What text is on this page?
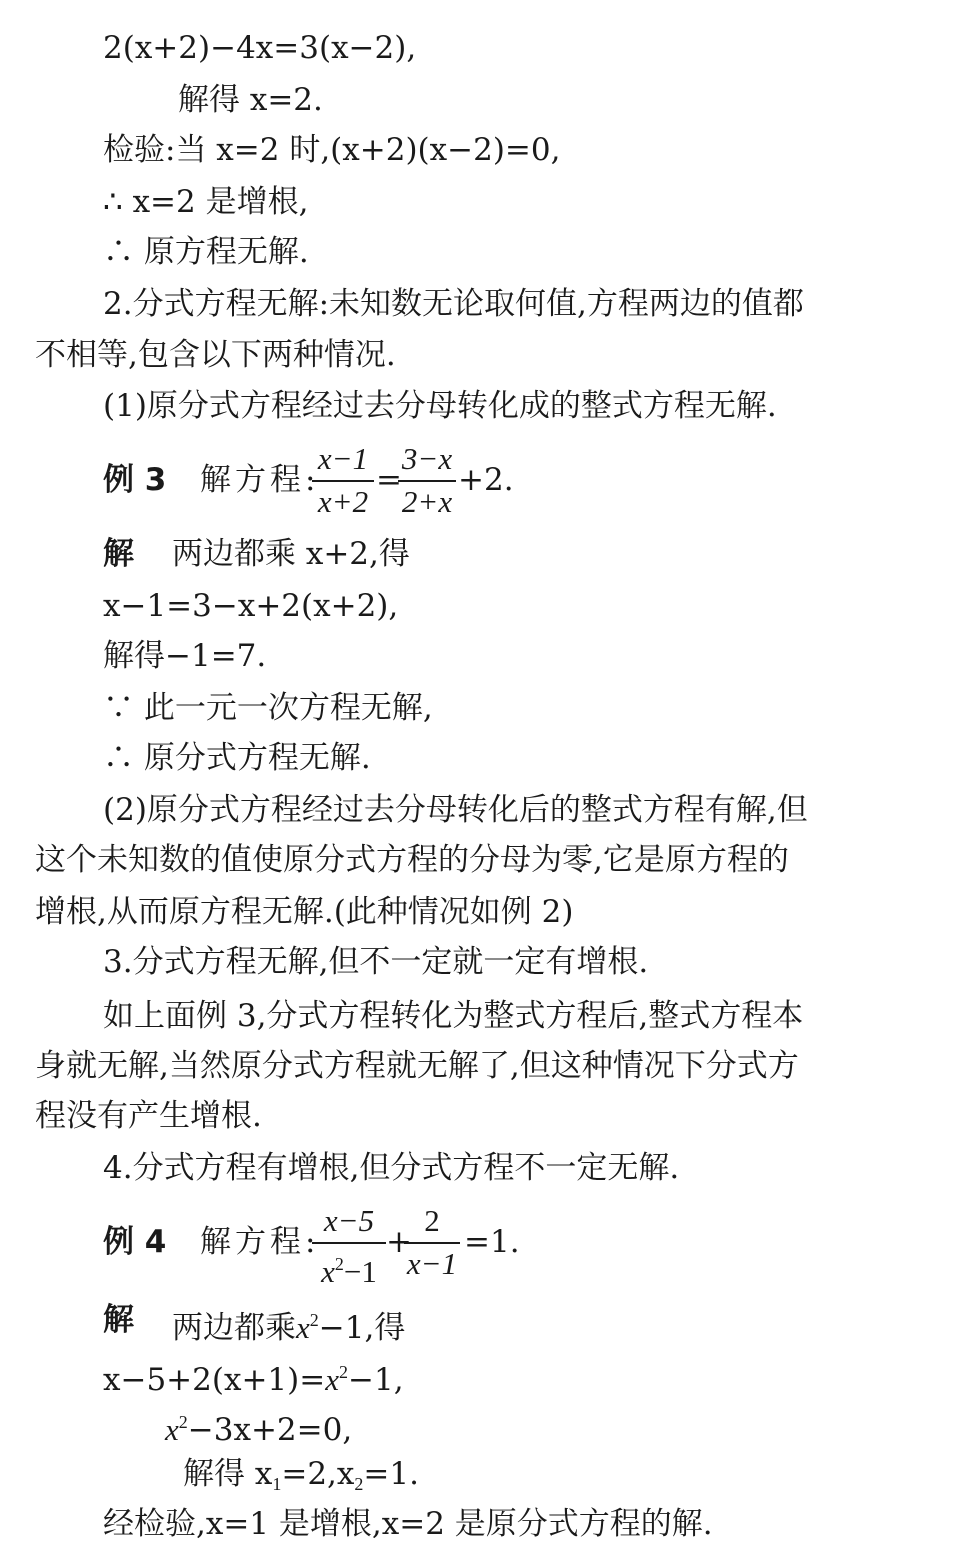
2(x+2)−4x=3(x−2),
解得 x=2.
检验:当 x=2 时,(x+2)(x−2)=0,
∴ x=2 是增根,
∴ 原方程无解.
2.分式方程无解:未知数无论取何值,方程两边的值都
不相等,包含以下两种情况.
(1)原分式方程经过去分母转化成的整式方程无解.
例 3 解方程:
$\frac{x-1}{x+2}$ =
$\frac{3-x}{2+x} +2$.
解 两边都乘 x+2,得
x−1=3−x+2(x+2),
解得−1=7.
∵ 此一元一次方程无解,
∴ 原分式方程无解.
(2)原分式方程经过去分母转化后的整式方程有解,但
这个未知数的值使原分式方程的分母为零,它是原方程的
增根,从而原方程无解.(此种情况如例 2)
3.分式方程无解,但不一定就一定有增根.
如上面例 3,分式方程转化为整式方程后,整式方程本
身就无解,当然原分式方程就无解了,但这种情况下分式方
程没有产生增根.
4.分式方程有增根,但分式方程不一定无解.
例 4 解方程:
$\frac{x-5}{x^2-1}$ +
$\frac{2}{x-1} =1$.
解 两边都乘$x^2-1$,得
$x-5+2(x+1)=x^2-1$,
$x^2-3x+2=0$,
解得 $x_1=2,x_2=1$.
经检验,x=1 是增根,x=2 是原分式方程的解.
